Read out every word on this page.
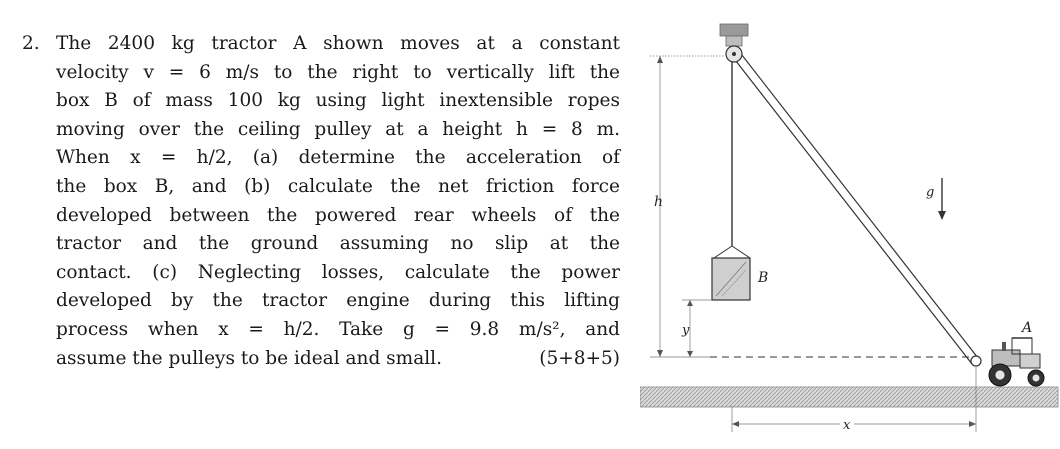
2. The 2400 kg tractor A shown moves at a constant
velocity v = 6 m/s to the right to vertically lift the
box B of mass 100 kg using light inextensible ropes
moving over the ceiling pulley at a height h = 8 m.
When x = h/2, (a) determine the acceleration of
the box B, and (b) calculate the net friction force
developed between the powered rear wheels of the
tractor and the ground assuming no slip at the
contact. (c) Neglecting losses, calculate the power
developed by the tractor engine during this lifting
process when x = h/2. Take g = 9.8 m/s², and
assume the pulleys to be ideal and small.	(5+8+5)
h
B
y	A
x
g
